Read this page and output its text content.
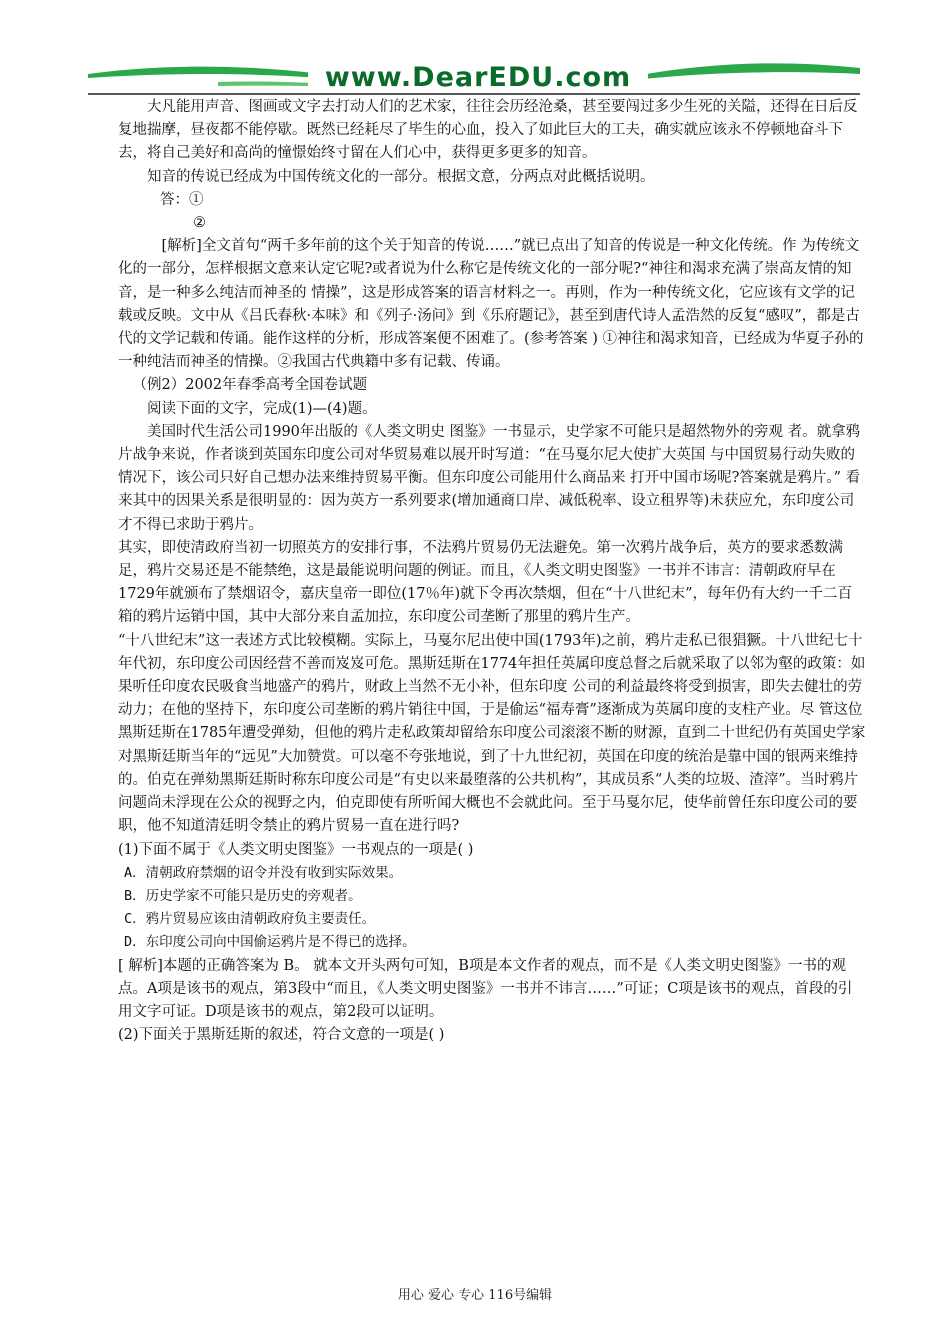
www.DearEDU.com

大凡能用声音、图画或文字去打动人们的艺术家，往往会历经沧桑，甚至要闯过多少生死的关隘，还得在日后反复地揣摩，昼夜都不能停歇。既然已经耗尽了毕生的心血，投入了如此巨大的工夫，确实就应该永不停顿地奋斗下去，将自己美好和高尚的憧憬始终寸留在人们心中，获得更多更多的知音。

知音的传说已经成为中国传统文化的一部分。根据文意，分两点对此概括说明。

答：①

②

[解析]全文首句“两千多年前的这个关于知音的传说……”就已点出了知音的传说是一种文化传统。作 为传统文化的一部分，怎样根据文意来认定它呢?或者说为什么称它是传统文化的一部分呢?“神往和渴求充满了崇高友情的知音，是一种多么纯洁而神圣的 情操”，这是形成答案的语言材料之一。再则，作为一种传统文化，它应该有文学的记载或反映。文中从《吕氏春秋·本味》和《列子·汤问》到《乐府题记》，甚至到唐代诗人孟浩然的反复“感叹”，都是古代的文学记载和传诵。能作这样的分析，形成答案便不困难了。(参考答案 ) ①神往和渴求知音，已经成为华夏子孙的一种纯洁而神圣的情操。②我国古代典籍中多有记载、传诵。

（例2）2002年春季高考全国卷试题

阅读下面的文字，完成(1)—(4)题。

美国时代生活公司1990年出版的《人类文明史 图鉴》一书显示，史学家不可能只是超然物外的旁观 者。就拿鸦片战争来说，作者谈到英国东印度公司对华贸易难以展开时写道：“在马戛尔尼大使扩大英国 与中国贸易行动失败的情况下，该公司只好自己想办法来维持贸易平衡。但东印度公司能用什么商品来 打开中国市场呢?答案就是鸦片。” 看来其中的因果关系是很明显的：因为英方一系列要求(增加通商口岸、减低税率、设立租界等)未获应允，东印度公司才不得已求助于鸦片。

其实，即使清政府当初一切照英方的安排行事，不法鸦片贸易仍无法避免。第一次鸦片战争后，英方的要求悉数满足，鸦片交易还是不能禁绝，这是最能说明问题的例证。而且，《人类文明史图鉴》一书并不讳言：清朝政府早在1729年就颁布了禁烟诏令，嘉庆皇帝一即位(17％年)就下令再次禁烟，但在“十八世纪末”，每年仍有大约一千二百箱的鸦片运销中国，其中大部分来自孟加拉，东印度公司垄断了那里的鸦片生产。

“十八世纪末”这一表述方式比较模糊。实际上，马戛尔尼出使中国(1793年)之前，鸦片走私已很猖獗。十八世纪七十年代初，东印度公司因经营不善而岌岌可危。黑斯廷斯在1774年担任英属印度总督之后就采取了以邻为壑的政策：如果听任印度农民吸食当地盛产的鸦片，财政上当然不无小补，但东印度 公司的利益最终将受到损害，即失去健壮的劳动力；在他的坚持下，东印度公司垄断的鸦片销往中国，于是偷运“福寿膏”逐渐成为英属印度的支柱产业。尽 管这位黑斯廷斯在1785年遭受弹劾，但他的鸦片走私政策却留给东印度公司滚滚不断的财源，直到二十世纪仍有英国史学家对黑斯廷斯当年的“远见”大加赞赏。可以毫不夸张地说，到了十九世纪初，英国在印度的统治是靠中国的银两来维持的。伯克在弹劾黑斯廷斯时称东印度公司是“有史以来最堕落的公共机构”，其成员系“人类的垃圾、渣滓”。当时鸦片问题尚未浮现在公众的视野之内，伯克即使有所听闻大概也不会就此问。至于马戛尔尼，使华前曾任东印度公司的要职，他不知道清廷明令禁止的鸦片贸易一直在进行吗?

(1)下面不属于《人类文明史图鉴》一书观点的一项是( )

A．清朝政府禁烟的诏令并没有收到实际效果。

B．历史学家不可能只是历史的旁观者。

C．鸦片贸易应该由清朝政府负主要责任。

D．东印度公司向中国偷运鸦片是不得已的选择。

[ 解析]本题的正确答案为 B。 就本文开头两句可知，B项是本文作者的观点，而不是《人类文明史图鉴》一书的观点。A项是该书的观点，第3段中“而且，《人类文明史图鉴》一书并不讳言……”可证；C项是该书的观点，首段的引用文字可证。D项是该书的观点，第2段可以证明。

(2)下面关于黑斯廷斯的叙述，符合文意的一项是( )

用心 爱心 专心 116号编辑
